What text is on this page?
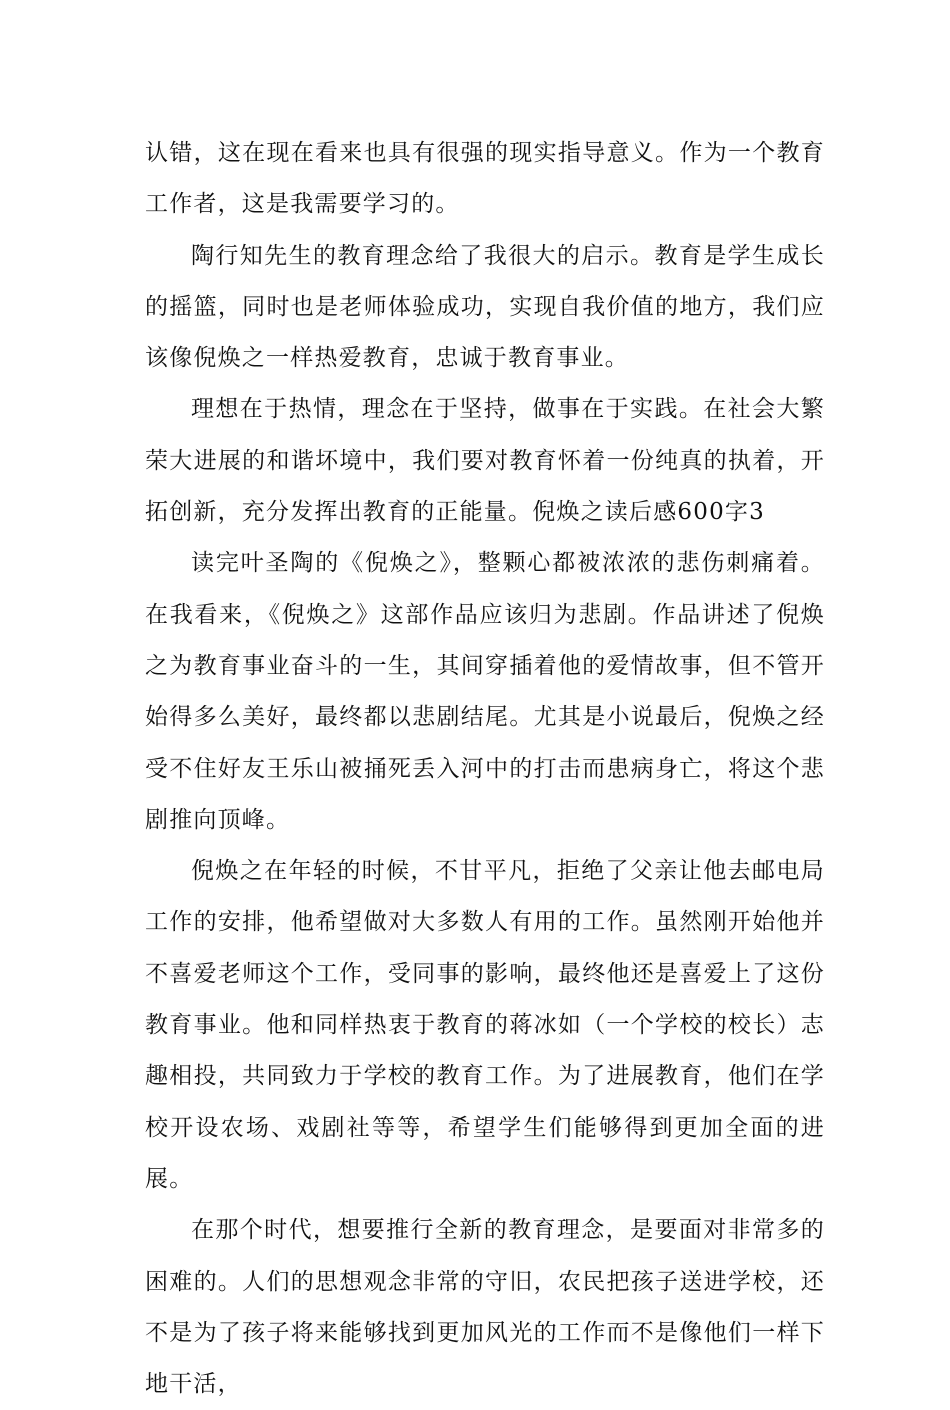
认错，这在现在看来也具有很强的现实指导意义。作为一个教育工作者，这是我需要学习的。

陶行知先生的教育理念给了我很大的启示。教育是学生成长的摇篮，同时也是老师体验成功，实现自我价值的地方，我们应该像倪焕之一样热爱教育，忠诚于教育事业。

理想在于热情，理念在于坚持，做事在于实践。在社会大繁荣大进展的和谐坏境中，我们要对教育怀着一份纯真的执着，开拓创新，充分发挥出教育的正能量。倪焕之读后感600字3

读完叶圣陶的《倪焕之》，整颗心都被浓浓的悲伤刺痛着。在我看来，《倪焕之》这部作品应该归为悲剧。作品讲述了倪焕之为教育事业奋斗的一生，其间穿插着他的爱情故事，但不管开始得多么美好，最终都以悲剧结尾。尤其是小说最后，倪焕之经受不住好友王乐山被捅死丢入河中的打击而患病身亡，将这个悲剧推向顶峰。

倪焕之在年轻的时候，不甘平凡，拒绝了父亲让他去邮电局工作的安排，他希望做对大多数人有用的工作。虽然刚开始他并不喜爱老师这个工作，受同事的影响，最终他还是喜爱上了这份教育事业。他和同样热衷于教育的蒋冰如（一个学校的校长）志趣相投，共同致力于学校的教育工作。为了进展教育，他们在学校开设农场、戏剧社等等，希望学生们能够得到更加全面的进展。

在那个时代，想要推行全新的教育理念，是要面对非常多的困难的。人们的思想观念非常的守旧，农民把孩子送进学校，还不是为了孩子将来能够找到更加风光的工作而不是像他们一样下地干活，
